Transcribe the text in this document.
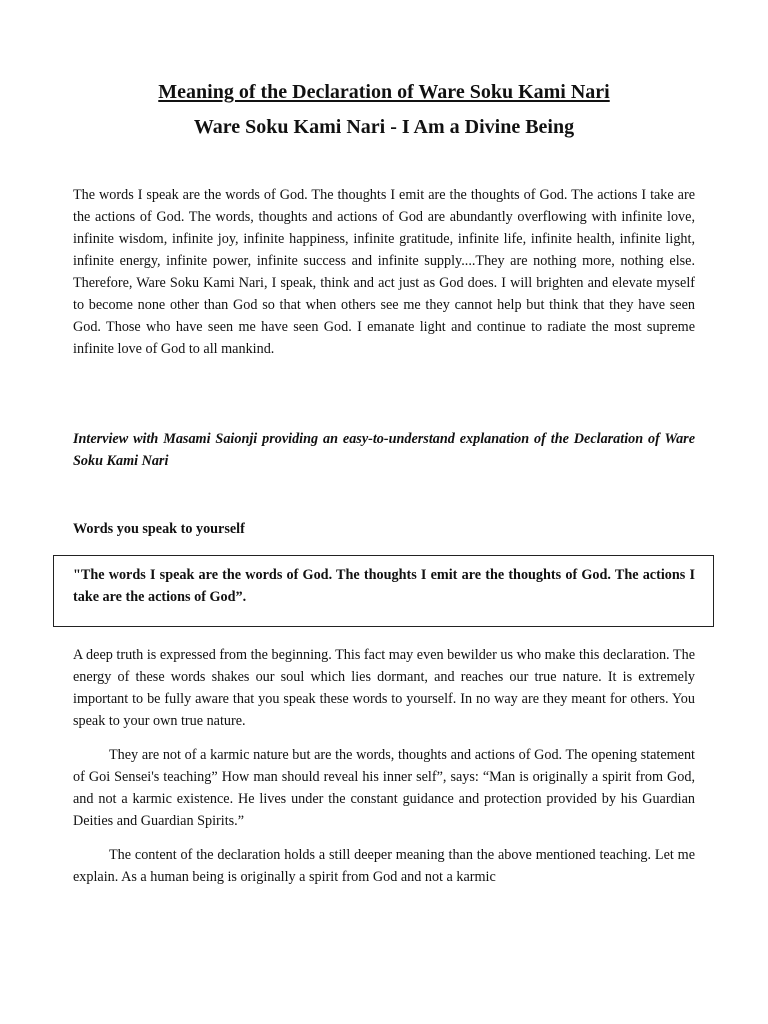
Meaning of the Declaration of Ware Soku Kami Nari
Ware Soku Kami Nari - I Am a Divine Being

The words I speak are the words of God. The thoughts I emit are the thoughts of God. The actions I take are the actions of God. The words, thoughts and actions of God are abundantly overflowing with infinite love, infinite wisdom, infinite joy, infinite happiness, infinite gratitude, infinite life, infinite health, infinite light, infinite energy, infinite power, infinite success and infinite supply....They are nothing more, nothing else. Therefore, Ware Soku Kami Nari, I speak, think and act just as God does. I will brighten and elevate myself to become none other than God so that when others see me they cannot help but think that they have seen God. Those who have seen me have seen God. I emanate light and continue to radiate the most supreme infinite love of God to all mankind.

Interview with Masami Saionji providing an easy-to-understand explanation of the Declaration of Ware Soku Kami Nari

Words you speak to yourself

"The words I speak are the words of God. The thoughts I emit are the thoughts of God. The actions I take are the actions of God”.

A deep truth is expressed from the beginning. This fact may even bewilder us who make this declaration. The energy of these words shakes our soul which lies dormant, and reaches our true nature. It is extremely important to be fully aware that you speak these words to yourself. In no way are they meant for others. You speak to your own true nature.

They are not of a karmic nature but are the words, thoughts and actions of God. The opening statement of Goi Sensei's teaching” How man should reveal his inner self”, says: “Man is originally a spirit from God, and not a karmic existence. He lives under the constant guidance and protection provided by his Guardian Deities and Guardian Spirits.”

The content of the declaration holds a still deeper meaning than the above mentioned teaching. Let me explain. As a human being is originally a spirit from God and not a karmic
